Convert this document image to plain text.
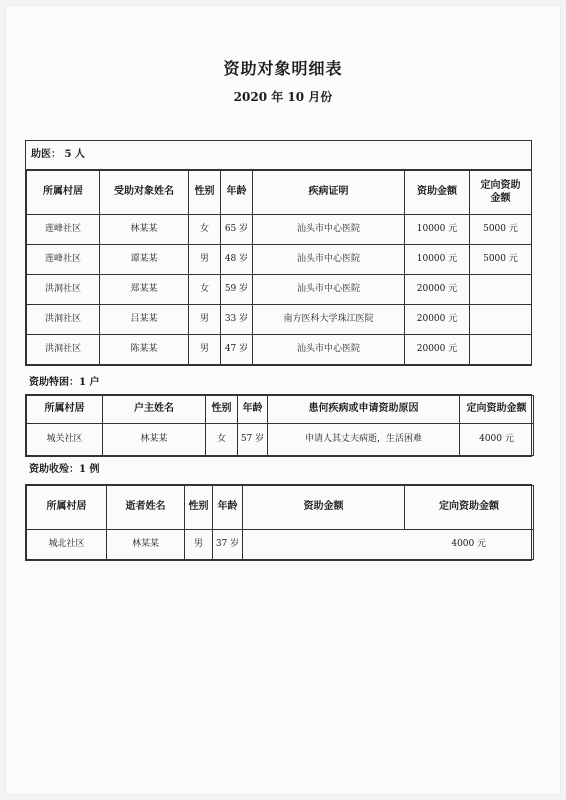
资助对象明细表
2020 年 10 月份
助医： 5 人
所属村居	受助对象姓名	性别	年龄	疾病证明	资助金额	定向资助金额
莲峰社区	林某某	女	65 岁	汕头市中心医院	10000 元	5000 元
莲峰社区	谭某某	男	48 岁	汕头市中心医院	10000 元	5000 元
洪洞社区	郑某某	女	59 岁	汕头市中心医院	20000 元	
洪洞社区	吕某某	男	33 岁	南方医科大学珠江医院	20000 元	
洪洞社区	陈某某	男	47 岁	汕头市中心医院	20000 元	
资助特困：1 户
所属村居	户主姓名	性别	年龄	患何疾病或申请资助原因	定向资助金额
城关社区	林某某	女	57 岁	申请人其丈夫病逝，生活困难	4000 元
资助收殓：1 例
所属村居	逝者姓名	性别	年龄	资助金额	定向资助金额
城北社区	林某某	男	37 岁		4000 元
